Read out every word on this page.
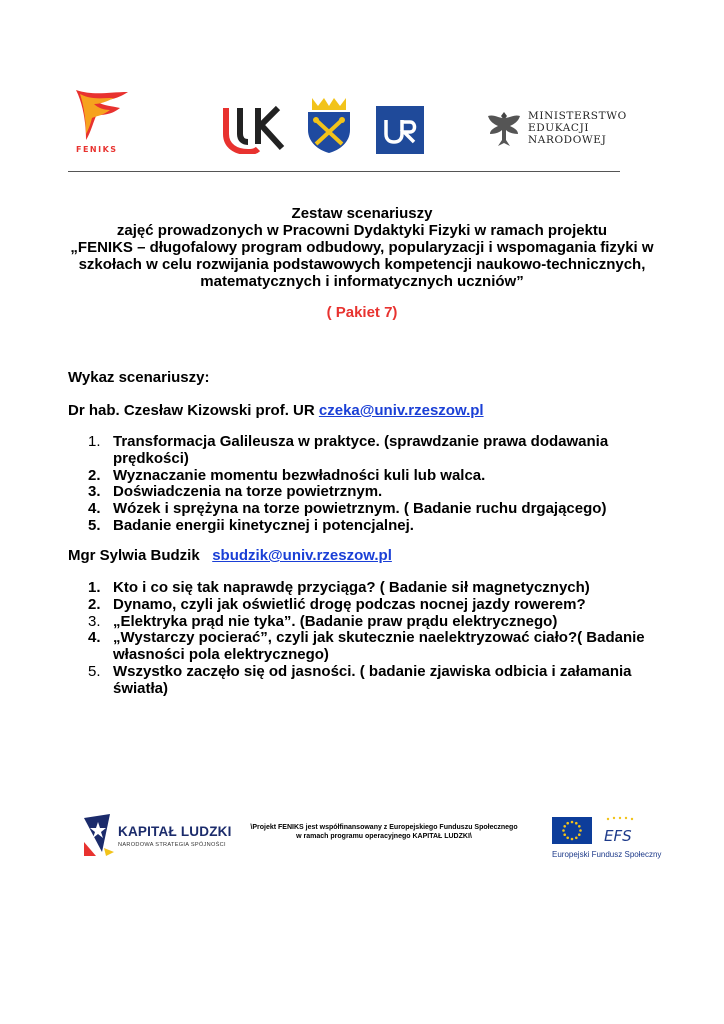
FENIKS
MINISTERSTWO
EDUKACJI
NARODOWEJ
Zestaw scenariuszy
zajęć prowadzonych w Pracowni Dydaktyki Fizyki w ramach projektu
„FENIKS – długofalowy program odbudowy, popularyzacji i wspomagania fizyki w
szkołach w celu rozwijania podstawowych kompetencji naukowo-technicznych,
matematycznych i informatycznych uczniów”
( Pakiet 7)
Wykaz scenariuszy:
Dr hab. Czesław Kizowski prof. UR czeka@univ.rzeszow.pl
1. Transformacja Galileusza w praktyce. (sprawdzanie prawa dodawania prędkości)
2. Wyznaczanie momentu bezwładności kuli lub walca.
3. Doświadczenia na torze powietrznym.
4. Wózek i sprężyna na torze powietrznym. ( Badanie ruchu drgającego)
5. Badanie energii kinetycznej i potencjalnej.
Mgr Sylwia Budzik sbudzik@univ.rzeszow.pl
1. Kto i co się tak naprawdę przyciąga? ( Badanie sił magnetycznych)
2. Dynamo, czyli jak oświetlić drogę podczas nocnej jazdy rowerem?
3. „Elektryka prąd nie tyka”. (Badanie praw prądu elektrycznego)
4. „Wystarczy pocierać”, czyli jak skutecznie naelektryzować ciało?( Badanie własności pola elektrycznego)
5. Wszystko zaczęło się od jasności. ( badanie zjawiska odbicia i załamania światła)
KAPITAŁ LUDZKI
NARODOWA STRATEGIA SPÓJNOŚCI
\Projekt FENIKS jest współfinansowany z Europejskiego Funduszu Społecznego
w ramach programu operacyjnego KAPITAŁ LUDZKI\	EFS
Europejski Fundusz Społeczny
